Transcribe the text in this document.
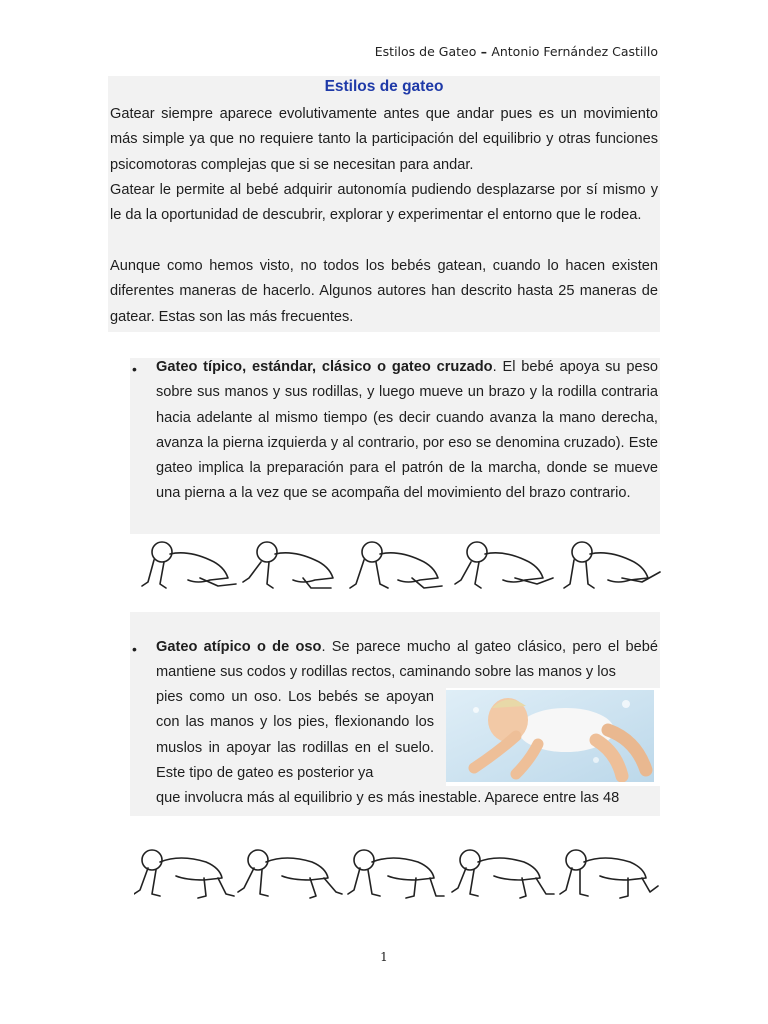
Estilos de Gateo – Antonio Fernández Castillo
Estilos de gateo

Gatear siempre aparece evolutivamente antes que andar pues es un movimiento más simple ya que no requiere tanto la participación del equilibrio y otras funciones psicomotoras complejas que si se necesitan para andar.

Gatear le permite al bebé adquirir autonomía pudiendo desplazarse por sí mismo y le da la oportunidad de descubrir, explorar y experimentar el entorno que le rodea.

Aunque como hemos visto, no todos los bebés gatean, cuando lo hacen existen diferentes maneras de hacerlo. Algunos autores han descrito hasta 25 maneras de gatear. Estas son las más frecuentes.

• Gateo típico, estándar, clásico o gateo cruzado. El bebé apoya su peso sobre sus manos y sus rodillas, y luego mueve un brazo y la rodilla contraria hacia adelante al mismo tiempo (es decir cuando avanza la mano derecha, avanza la pierna izquierda y al contrario, por eso se denomina cruzado). Este gateo implica la preparación para el patrón de la marcha, donde se mueve una pierna a la vez que se acompaña del movimiento del brazo contrario.

• Gateo atípico o de oso. Se parece mucho al gateo clásico, pero el bebé mantiene sus codos y rodillas rectos, caminando sobre las manos y los

pies como un oso. Los bebés se apoyan con las manos y los pies, flexionando los muslos in apoyar las rodillas en el suelo. Este tipo de gateo es posterior ya

que involucra más al equilibrio y es más inestable. Aparece entre las 48

1
